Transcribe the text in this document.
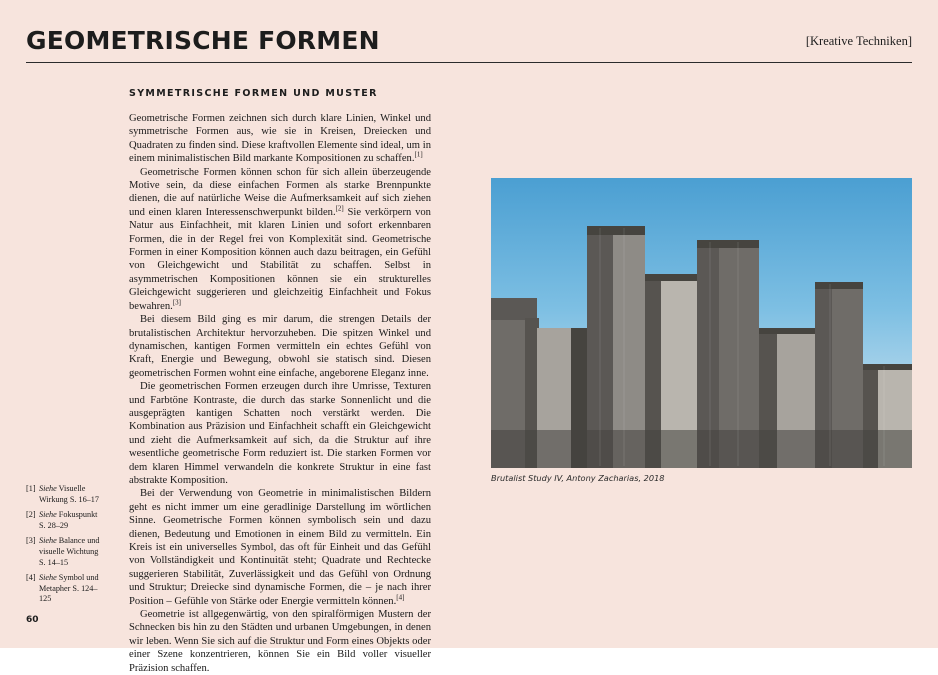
GEOMETRISCHE FORMEN	[Kreative Techniken]
SYMMETRISCHE FORMEN UND MUSTER

Geometrische Formen zeichnen sich durch klare Linien, Winkel und symmetrische Formen aus, wie sie in Kreisen, Dreiecken und Quadraten zu finden sind. Diese kraftvollen Elemente sind ideal, um in einem minimalistischen Bild markante Kompositionen zu schaffen.[1]

Geometrische Formen können schon für sich allein überzeugende Motive sein, da diese einfachen Formen als starke Brennpunkte dienen, die auf natürliche Weise die Aufmerksamkeit auf sich ziehen und einen klaren Interessenschwerpunkt bilden.[2] Sie verkörpern von Natur aus Einfachheit, mit klaren Linien und sofort erkennbaren Formen, die in der Regel frei von Komplexität sind. Geometrische Formen in einer Komposition können auch dazu beitragen, ein Gefühl von Gleichgewicht und Stabilität zu schaffen. Selbst in asymmetrischen Kompositionen können sie ein strukturelles Gleichgewicht suggerieren und gleichzeitig Einfachheit und Fokus bewahren.[3]

Bei diesem Bild ging es mir darum, die strengen Details der brutalistischen Architektur hervorzuheben. Die spitzen Winkel und dynamischen, kantigen Formen vermitteln ein echtes Gefühl von Kraft, Energie und Bewegung, obwohl sie statisch sind. Diesen geometrischen Formen wohnt eine einfache, angeborene Eleganz inne.

Die geometrischen Formen erzeugen durch ihre Umrisse, Texturen und Farbtöne Kontraste, die durch das starke Sonnenlicht und die ausgeprägten kantigen Schatten noch verstärkt werden. Die Kombination aus Präzision und Einfachheit schafft ein Gleichgewicht und zieht die Aufmerksamkeit auf sich, da die Struktur auf ihre wesentliche geometrische Form reduziert ist. Die starken Formen vor dem klaren Himmel verwandeln die konkrete Struktur in eine fast abstrakte Komposition.

Bei der Verwendung von Geometrie in minimalistischen Bildern geht es nicht immer um eine geradlinige Darstellung im wörtlichen Sinne. Geometrische Formen können symbolisch sein und dazu dienen, Bedeutung und Emotionen in einem Bild zu vermitteln. Ein Kreis ist ein universelles Symbol, das oft für Einheit und das Gefühl von Vollständigkeit und Kontinuität steht; Quadrate und Rechtecke suggerieren Stabilität, Zuverlässigkeit und das Gefühl von Ordnung und Struktur; Dreiecke sind dynamische Formen, die – je nach ihrer Position – Gefühle von Stärke oder Energie vermitteln können.[4]

Geometrie ist allgegenwärtig, von den spiralförmigen Mustern der Schnecken bis hin zu den Städten und urbanen Umgebungen, in denen wir leben. Wenn Sie sich auf die Struktur und Form eines Objekts oder einer Szene konzentrieren, können Sie ein Bild voller visueller Präzision schaffen.

[1] Siehe Visuelle Wirkung S. 16–17
[2] Siehe Fokuspunkt S. 28–29
[3] Siehe Balance und visuelle Wichtung S. 14–15
[4] Siehe Symbol und Metapher S. 124–125
Brutalist Study IV, Antony Zacharias, 2018
60
